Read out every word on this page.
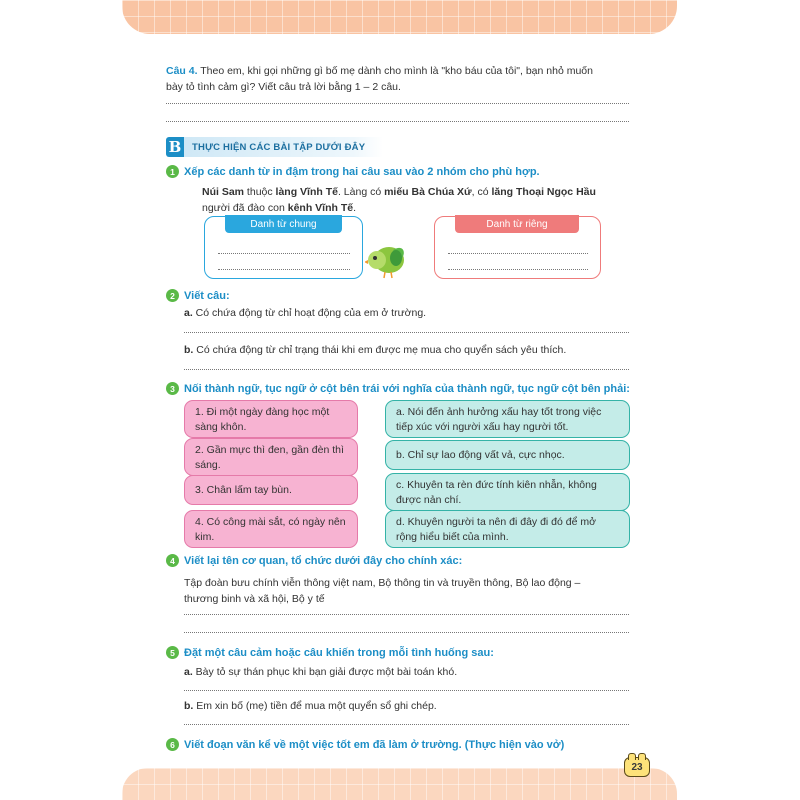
Câu 4. Theo em, khi gọi những gì bố mẹ dành cho mình là "kho báu của tôi", bạn nhỏ muốn
bày tỏ tình cảm gì? Viết câu trả lời bằng 1 – 2 câu.
B	THỰC HIỆN CÁC BÀI TẬP DƯỚI ĐÂY
1 Xếp các danh từ in đậm trong hai câu sau vào 2 nhóm cho phù hợp.
Núi Sam thuộc làng Vĩnh Tế. Làng có miếu Bà Chúa Xứ, có lăng Thoại Ngọc Hầu
người đã đào con kênh Vĩnh Tế.
Danh từ chung	Danh từ riêng
2 Viết câu:
a. Có chứa động từ chỉ hoạt động của em ở trường.
b. Có chứa động từ chỉ trạng thái khi em được mẹ mua cho quyển sách yêu thích.
3 Nối thành ngữ, tục ngữ ở cột bên trái với nghĩa của thành ngữ, tục ngữ cột bên phải:
1. Đi một ngày đàng học một sàng khôn.
2. Gần mực thì đen, gần đèn thì sáng.
3. Chân lấm tay bùn.
4. Có công mài sắt, có ngày nên kim.
a. Nói đến ảnh hưởng xấu hay tốt trong việc tiếp xúc với người xấu hay người tốt.
b. Chỉ sự lao động vất vả, cực nhọc.
c. Khuyên ta rèn đức tính kiên nhẫn, không được nản chí.
d. Khuyên người ta nên đi đây đi đó để mở rộng hiểu biết của mình.
4 Viết lại tên cơ quan, tổ chức dưới đây cho chính xác:
Tập đoàn bưu chính viễn thông việt nam, Bộ thông tin và truyền thông, Bộ lao động –
thương binh và xã hội, Bộ y tế
5 Đặt một câu cảm hoặc câu khiến trong mỗi tình huống sau:
a. Bày tỏ sự thán phục khi bạn giải được một bài toán khó.
b. Em xin bố (mẹ) tiền để mua một quyển sổ ghi chép.
6 Viết đoạn văn kể về một việc tốt em đã làm ở trường. (Thực hiện vào vở)
23
